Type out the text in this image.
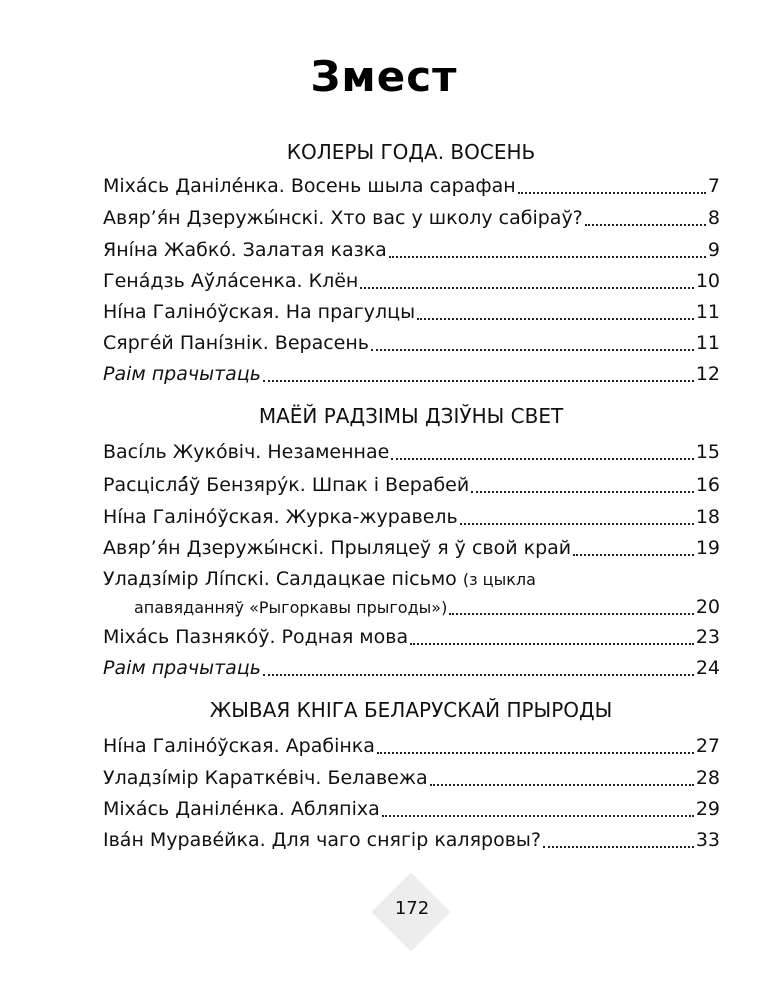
Змест
КОЛЕРЫ ГОДА. ВОСЕНЬ
Міха́сь Данілéнка. Восень шыла сарафан	7
Авяр’я́н Дзеружы́нскі. Хто вас у школу сабіраў?	8
Яні́на Жабкó. Залатая казка	9
Гена́дзь Аў́ла́сенка. Клён	10
Ні́на Галінóўская. На прагулцы	11
Сяргéй Пані́знік. Верасень	11
Раім прачытаць	12
МАЁЙ РАДЗІМЫ ДЗІЎНЫ СВЕТ
Васі́ль Жукóвіч. Незаменнае	15
Расціслá́ў Бензяру́к. Шпак і Верабей	16
Ні́на Галінóўская. Журка-журавель	18
Авяр’я́н Дзеружы́нскі. Прыляцеў я ў свой край	19
Уладзі́мір Лі́пскі. Салдацкае пісьмо (з цыкла
апавяданняў «Рыгоркавы прыгоды»)	20
Міха́сь Пазнякóў. Родная мова	23
Раім прачытаць	24
ЖЫВАЯ КНІГА БЕЛАРУСКАЙ ПРЫРОДЫ
Ні́на Галінóўская. Арабінка	27
Уладзі́мір Караткéвіч. Белавежа	28
Міха́сь Данілéнка. Абляпіха	29
Іва́н Муравéйка. Для чаго снягір каляровы?	33
172
